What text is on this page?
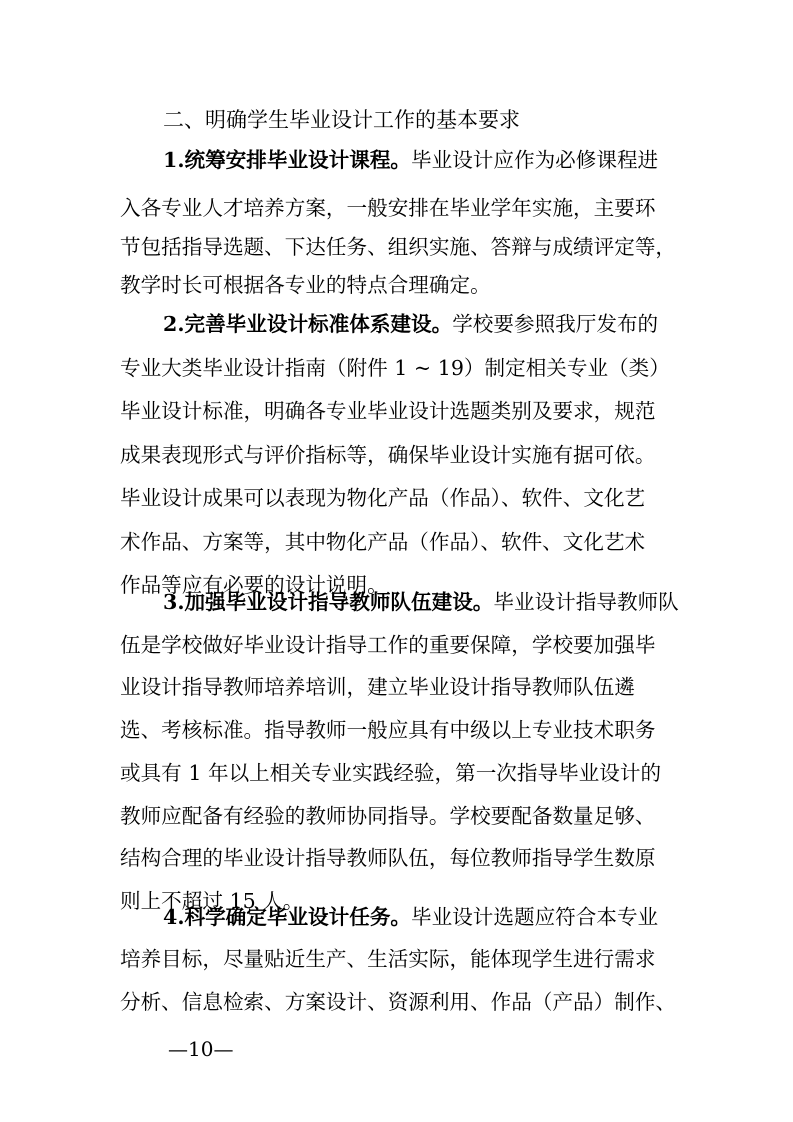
二、明确学生毕业设计工作的基本要求
1.统筹安排毕业设计课程。毕业设计应作为必修课程进
入各专业人才培养方案，一般安排在毕业学年实施，主要环
节包括指导选题、下达任务、组织实施、答辩与成绩评定等，
教学时长可根据各专业的特点合理确定。
2.完善毕业设计标准体系建设。学校要参照我厅发布的
专业大类毕业设计指南（附件 1 ~ 19）制定相关专业（类）
毕业设计标准，明确各专业毕业设计选题类别及要求，规范
成果表现形式与评价指标等，确保毕业设计实施有据可依。
毕业设计成果可以表现为物化产品（作品）、软件、文化艺
术作品、方案等，其中物化产品（作品）、软件、文化艺术
作品等应有必要的设计说明。
3.加强毕业设计指导教师队伍建设。毕业设计指导教师队
伍是学校做好毕业设计指导工作的重要保障，学校要加强毕
业设计指导教师培养培训，建立毕业设计指导教师队伍遴
选、考核标准。指导教师一般应具有中级以上专业技术职务
或具有 1 年以上相关专业实践经验，第一次指导毕业设计的
教师应配备有经验的教师协同指导。学校要配备数量足够、
结构合理的毕业设计指导教师队伍，每位教师指导学生数原
则上不超过 15 人。
4.科学确定毕业设计任务。毕业设计选题应符合本专业
培养目标，尽量贴近生产、生活实际，能体现学生进行需求
分析、信息检索、方案设计、资源利用、作品（产品）制作、
—10—
